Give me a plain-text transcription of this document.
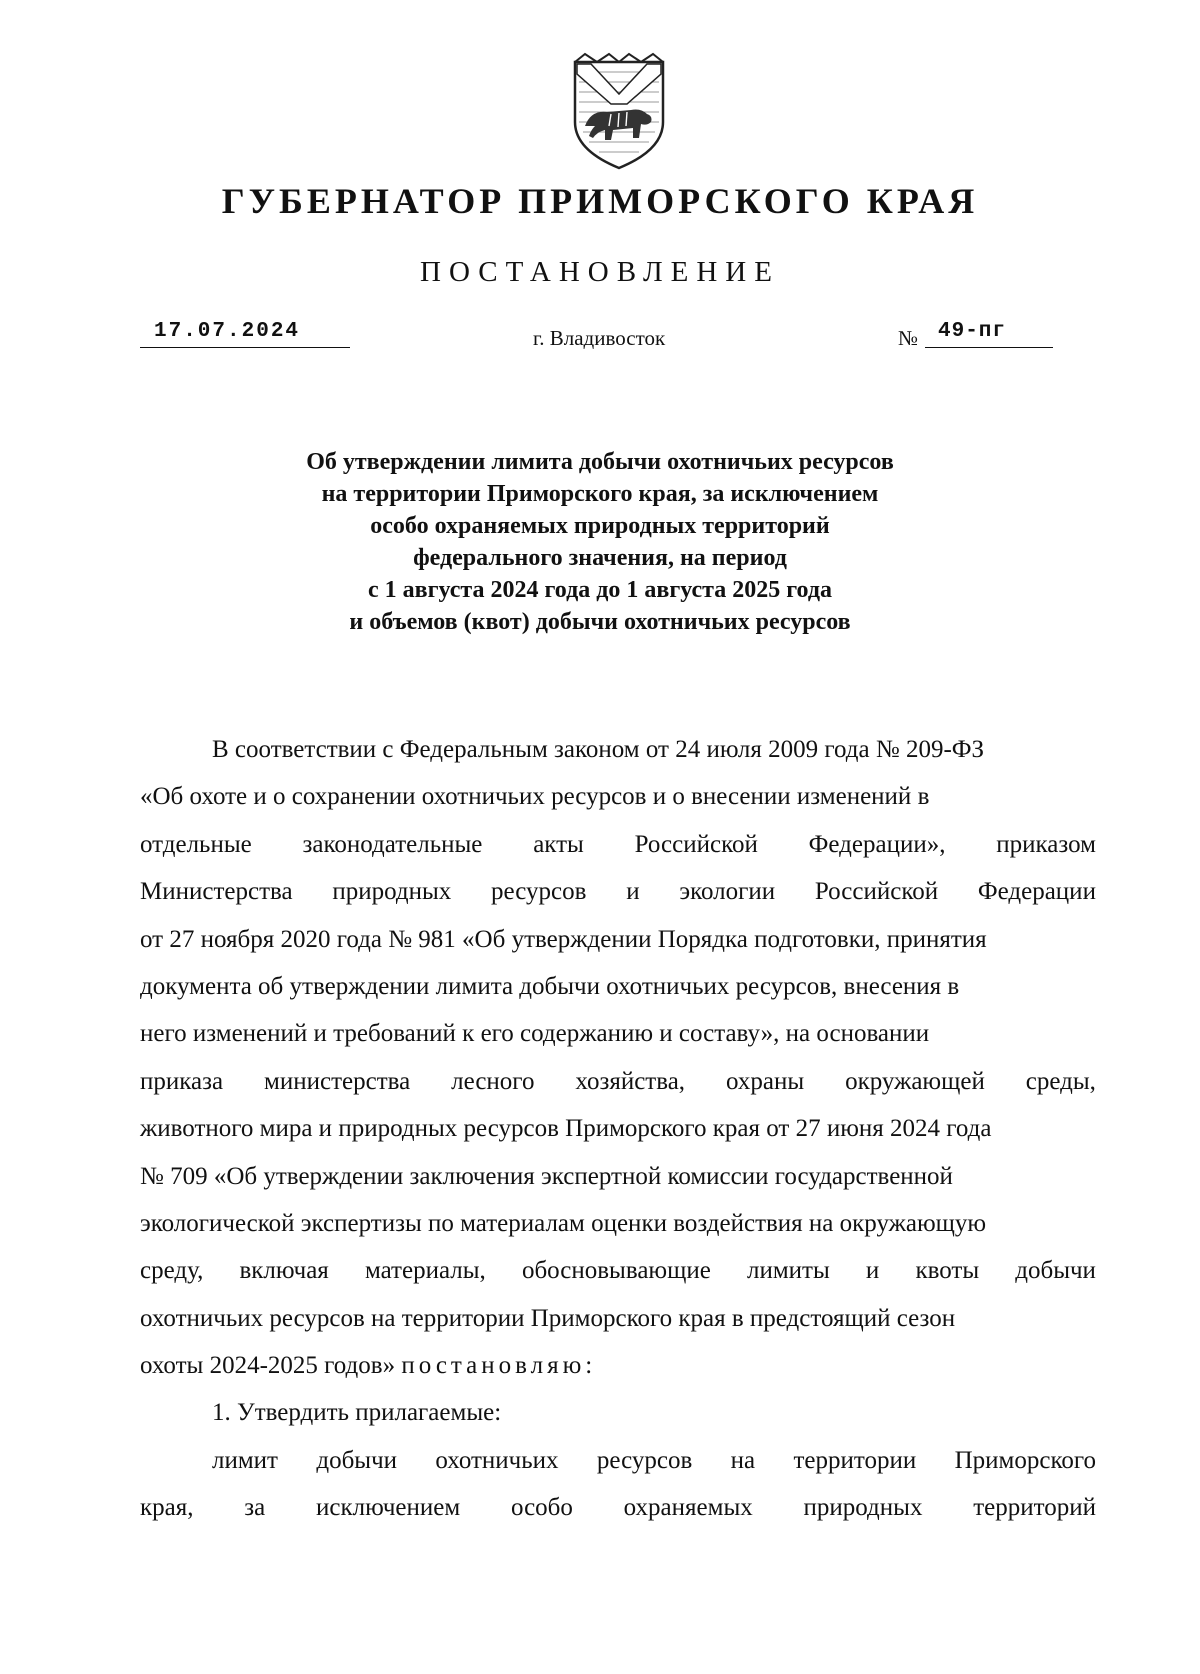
ГУБЕРНАТОР ПРИМОРСКОГО КРАЯ
ПОСТАНОВЛЕНИЕ
17.07.2024	г. Владивосток	№ 49-пг
Об утверждении лимита добычи охотничьих ресурсов
на территории Приморского края, за исключением
особо охраняемых природных территорий
федерального значения, на период
с 1 августа 2024 года до 1 августа 2025 года
и объемов (квот) добычи охотничьих ресурсов
В соответствии с Федеральным законом от 24 июля 2009 года № 209-ФЗ
«Об охоте и о сохранении охотничьих ресурсов и о внесении изменений в
отдельные законодательные акты Российской Федерации», приказом
Министерства природных ресурсов и экологии Российской Федерации
от 27 ноября 2020 года № 981 «Об утверждении Порядка подготовки, принятия
документа об утверждении лимита добычи охотничьих ресурсов, внесения в
него изменений и требований к его содержанию и составу», на основании
приказа министерства лесного хозяйства, охраны окружающей среды,
животного мира и природных ресурсов Приморского края от 27 июня 2024 года
№ 709 «Об утверждении заключения экспертной комиссии государственной
экологической экспертизы по материалам оценки воздействия на окружающую
среду, включая материалы, обосновывающие лимиты и квоты добычи
охотничьих ресурсов на территории Приморского края в предстоящий сезон
охоты 2024-2025 годов» постановляю:
1. Утвердить прилагаемые:
лимит добычи охотничьих ресурсов на территории Приморского
края, за исключением особо охраняемых природных территорий
